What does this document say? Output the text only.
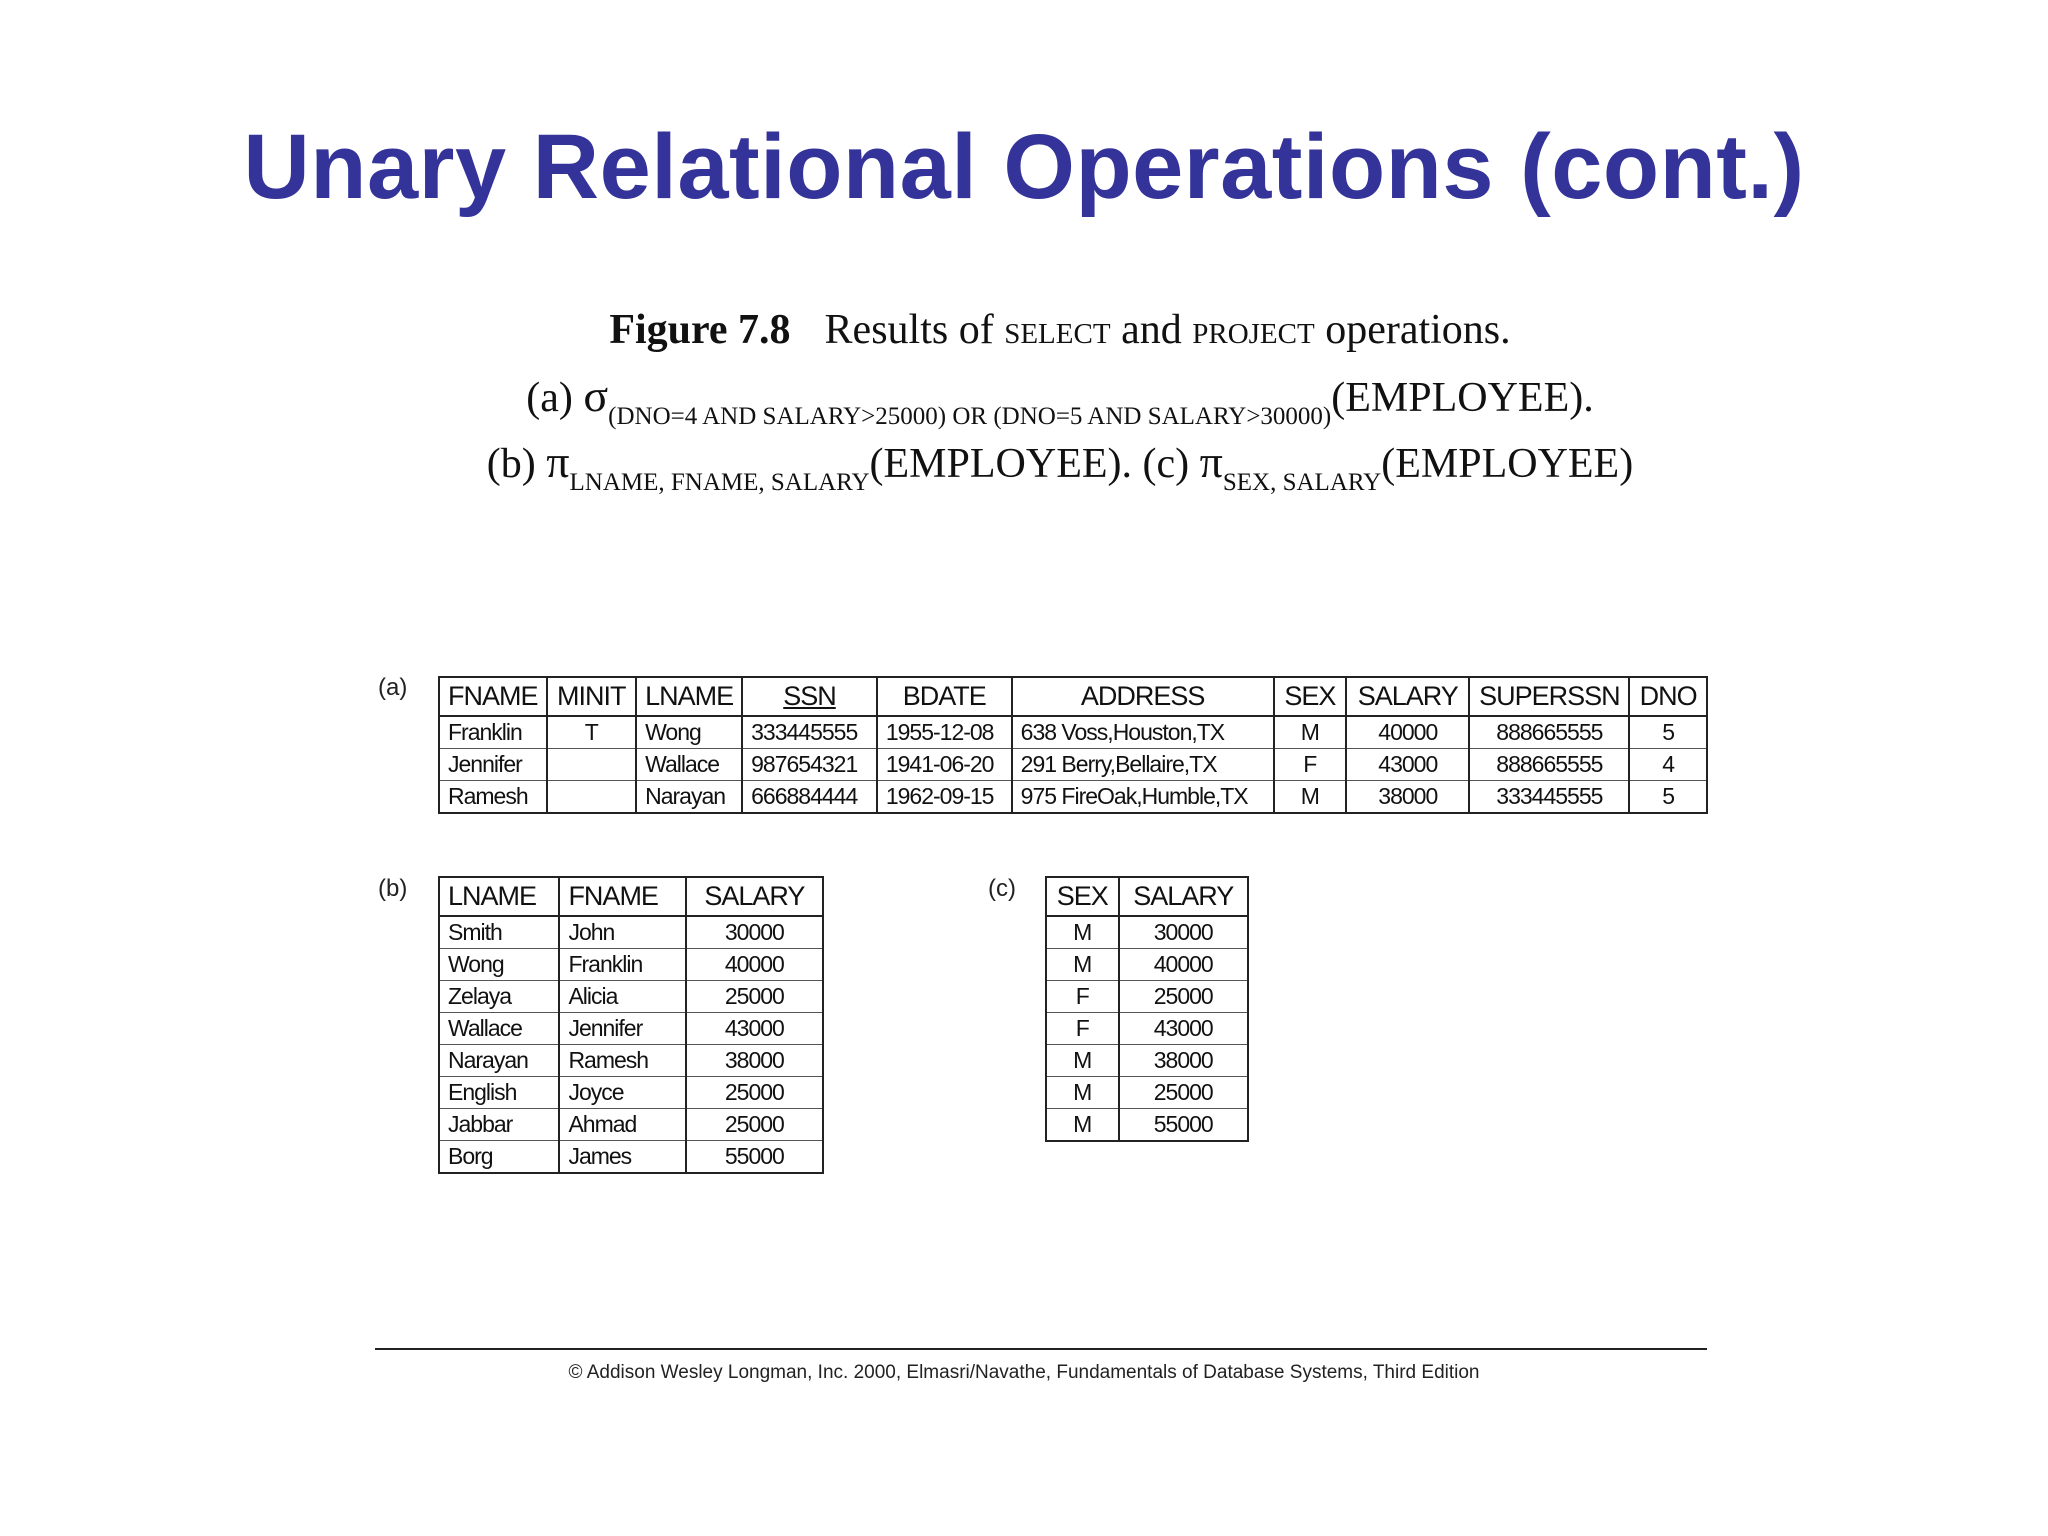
Unary Relational Operations (cont.)
Figure 7.8 Results of select and project operations.
(a) $\sigma_{(DNO=4 AND SALARY>25000) OR (DNO=5 AND SALARY>30000)}(EMPLOYEE)$.
(b) $\pi_{LNAME, FNAME, SALARY}(EMPLOYEE)$. (c) $\pi_{SEX, SALARY}(EMPLOYEE)$
(a)
(b)	(c)
FNAME	MINIT	LNAME	SSN	BDATE	ADDRESS	SEX	SALARY	SUPERSSN	DNO
Franklin	T	Wong	333445555	1955-12-08	638 Voss,Houston,TX	M	40000	888665555	5
Jennifer		Wallace	987654321	1941-06-20	291 Berry,Bellaire,TX	F	43000	888665555	4
Ramesh		Narayan	666884444	1962-09-15	975 FireOak,Humble,TX	M	38000	333445555	5
LNAME	FNAME	SALARY
Smith	John	30000
Wong	Franklin	40000
Zelaya	Alicia	25000
Wallace	Jennifer	43000
Narayan	Ramesh	38000
English	Joyce	25000
Jabbar	Ahmad	25000
Borg	James	55000
SEX	SALARY
M	30000
M	40000
F	25000
F	43000
M	38000
M	25000
M	55000
© Addison Wesley Longman, Inc. 2000, Elmasri/Navathe, Fundamentals of Database Systems, Third Edition
